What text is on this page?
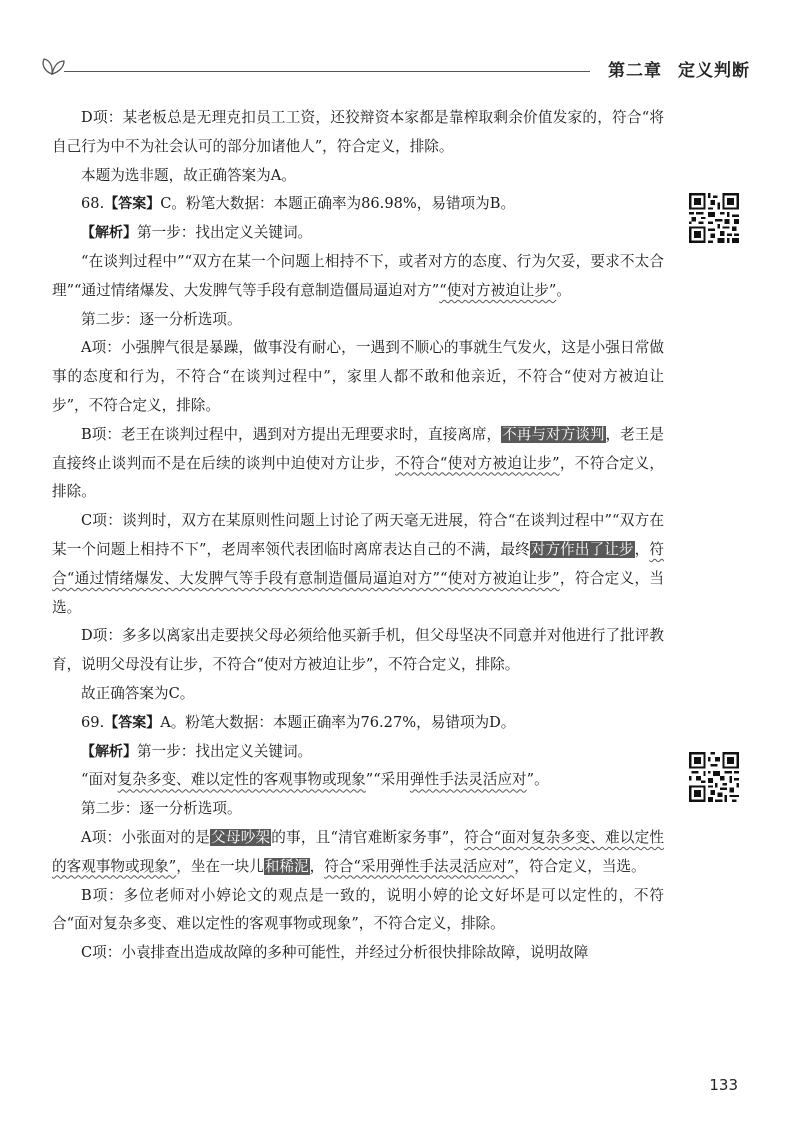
第二章 定义判断

D项：某老板总是无理克扣员工工资，还狡辩资本家都是靠榨取剩余价值发家的，符合“将自己行为中不为社会认可的部分加诸他人”，符合定义，排除。

本题为选非题，故正确答案为A。

68.【答案】C。粉笔大数据：本题正确率为86.98%，易错项为B。

【解析】第一步：找出定义关键词。

“在谈判过程中”“双方在某一个问题上相持不下，或者对方的态度、行为欠妥，要求不太合理”“通过情绪爆发、大发脾气等手段有意制造僵局逼迫对方”“使对方被迫让步”。

第二步：逐一分析选项。

A项：小强脾气很是暴躁，做事没有耐心，一遇到不顺心的事就生气发火，这是小强日常做事的态度和行为，不符合“在谈判过程中”，家里人都不敢和他亲近，不符合“使对方被迫让步”，不符合定义，排除。

B项：老王在谈判过程中，遇到对方提出无理要求时，直接离席，不再与对方谈判，老王是直接终止谈判而不是在后续的谈判中迫使对方让步，不符合“使对方被迫让步”，不符合定义，排除。

C项：谈判时，双方在某原则性问题上讨论了两天毫无进展，符合“在谈判过程中”“双方在某一个问题上相持不下”，老周率领代表团临时离席表达自己的不满，最终对方作出了让步，符合“通过情绪爆发、大发脾气等手段有意制造僵局逼迫对方”“使对方被迫让步”，符合定义，当选。

D项：多多以离家出走要挟父母必须给他买新手机，但父母坚决不同意并对他进行了批评教育，说明父母没有让步，不符合“使对方被迫让步”，不符合定义，排除。

故正确答案为C。

69.【答案】A。粉笔大数据：本题正确率为76.27%，易错项为D。

【解析】第一步：找出定义关键词。

“面对复杂多变、难以定性的客观事物或现象”“采用弹性手法灵活应对”。

第二步：逐一分析选项。

A项：小张面对的是父母吵架的事，且“清官难断家务事”，符合“面对复杂多变、难以定性的客观事物或现象”，坐在一块儿和稀泥，符合“采用弹性手法灵活应对”，符合定义，当选。

B项：多位老师对小婷论文的观点是一致的，说明小婷的论文好坏是可以定性的，不符合“面对复杂多变、难以定性的客观事物或现象”，不符合定义，排除。

C项：小袁排查出造成故障的多种可能性，并经过分析很快排除故障，说明故障

133
